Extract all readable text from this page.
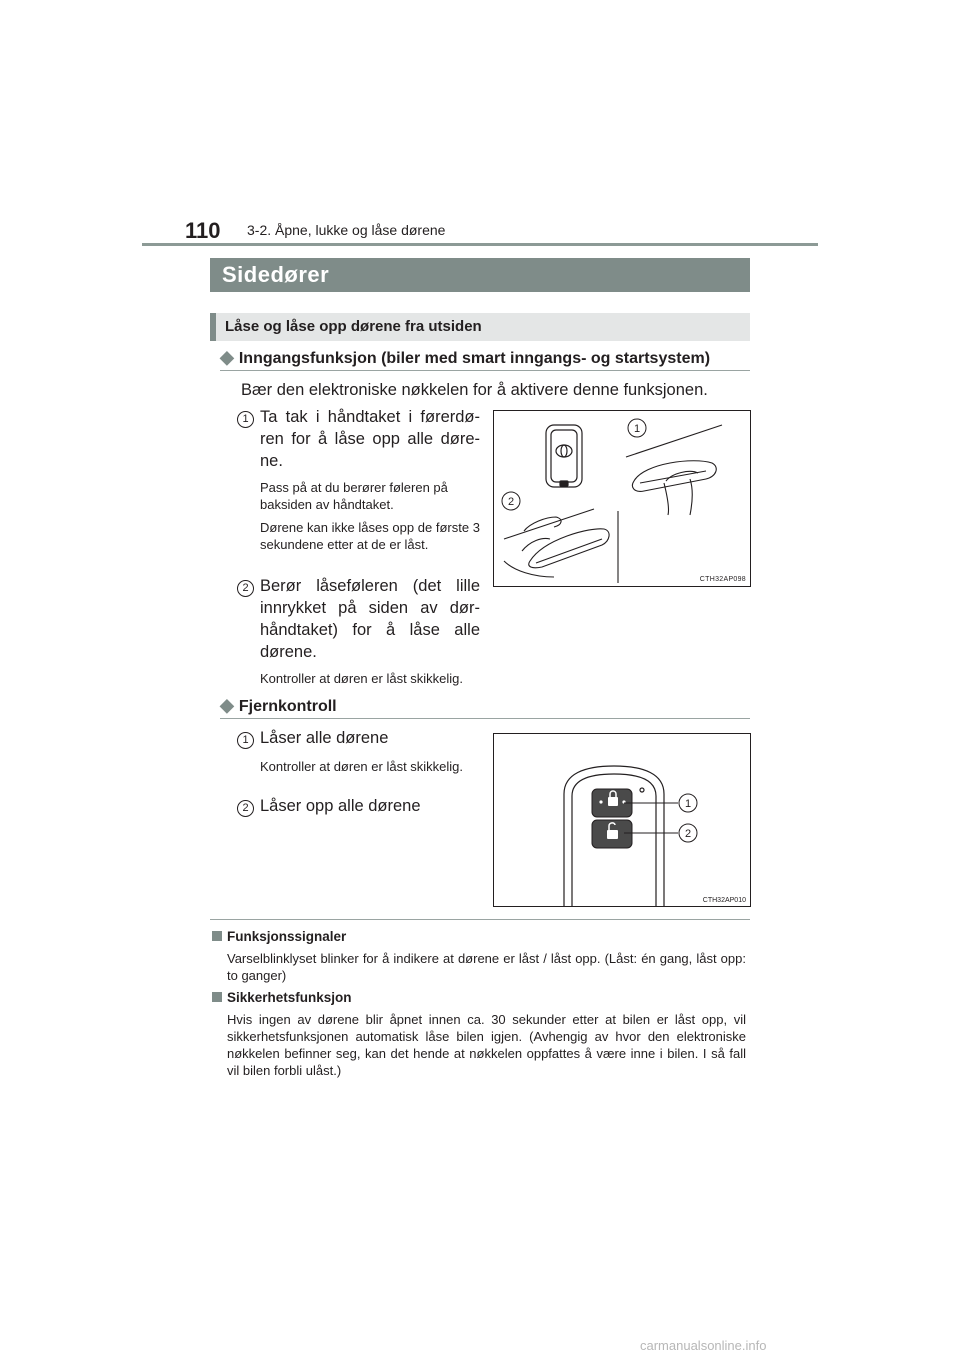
110 3-2. Åpne, lukke og låse dørene
Sidedører
Låse og låse opp dørene fra utsiden
◆ Inngangsfunksjon (biler med smart inngangs- og startsystem)
Bær den elektroniske nøkkelen for å aktivere denne funksjonen.
1 Ta tak i håndtaket i førerdø-
ren for å låse opp alle døre-
ne.
Pass på at du berører føleren på baksiden av håndtaket.
Dørene kan ikke låses opp de første 3 sekundene etter at de er låst.
2 Berør låseføleren (det lille
innrykket på siden av dør-
håndtaket) for å låse alle
dørene.
Kontroller at døren er låst skikkelig.
1
2
CTH32AP098
◆ Fjernkontroll
1 Låser alle dørene
Kontroller at døren er låst skikkelig.
2 Låser opp alle dørene	1
2
CTH32AP010
Funksjonssignaler
Varselblinklyset blinker for å indikere at dørene er låst / låst opp. (Låst: én gang, låst opp: to ganger)
Sikkerhetsfunksjon
Hvis ingen av dørene blir åpnet innen ca. 30 sekunder etter at bilen er låst opp, vil sikkerhetsfunksjonen automatisk låse bilen igjen. (Avhengig av hvor den elektroniske nøkkelen befinner seg, kan det hende at nøkkelen oppfattes å være inne i bilen. I så fall vil bilen forbli ulåst.)
carmanualsonline.info
